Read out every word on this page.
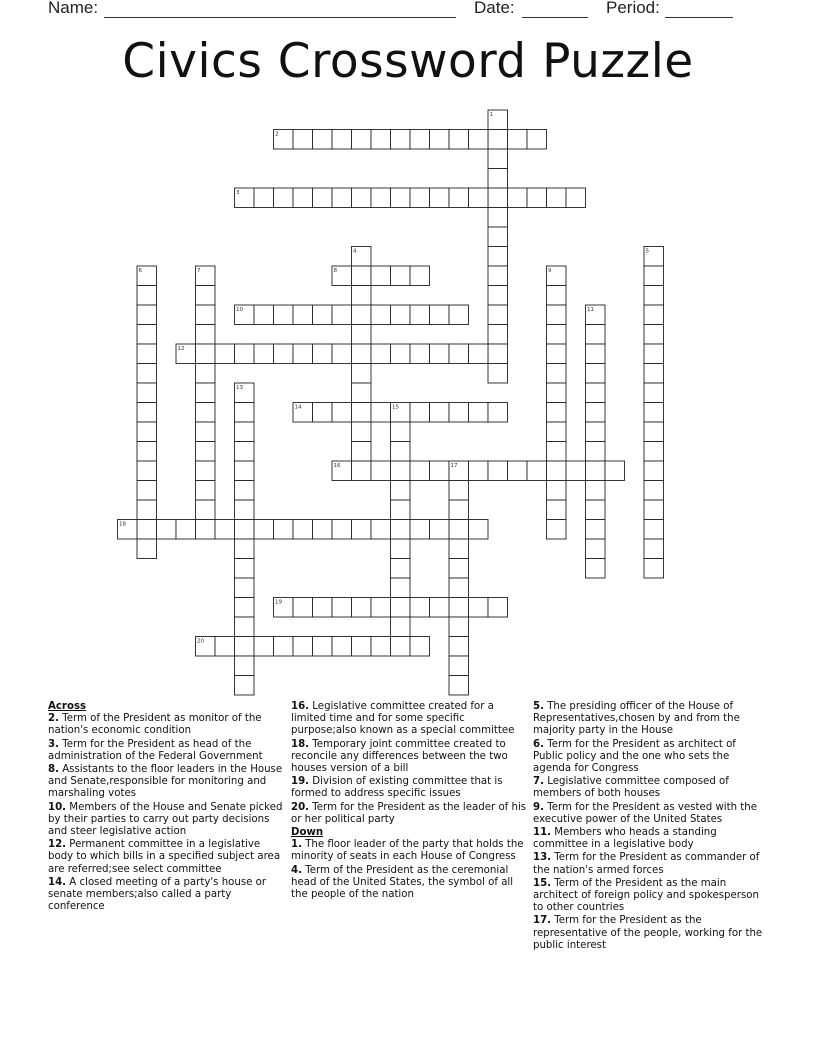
Name:	Date:	Period:
Civics Crossword Puzzle
1
2
3
4	5
6	7	8	9
10	11
12
13
14	15
16	17
18
19
20
Across
2. Term of the President as monitor of the nation's economic condition
3. Term for the President as head of the administration of the Federal Government
8. Assistants to the floor leaders in the House and Senate,responsible for monitoring and marshaling votes
10. Members of the House and Senate picked by their parties to carry out party decisions and steer legislative action
12. Permanent committee in a legislative body to which bills in a specified subject area are referred;see select committee
14. A closed meeting of a party's house or senate members;also called a party conference
16. Legislative committee created for a limited time and for some specific purpose;also known as a special committee
18. Temporary joint committee created to reconcile any differences between the two houses version of a bill
19. Division of existing committee that is formed to address specific issues
20. Term for the President as the leader of his or her political party
Down
1. The floor leader of the party that holds the minority of seats in each House of Congress
4. Term of the President as the ceremonial head of the United States, the symbol of all the people of the nation
5. The presiding officer of the House of Representatives,chosen by and from the majority party in the House
6. Term for the President as architect of Public policy and the one who sets the agenda for Congress
7. Legislative committee composed of members of both houses
9. Term for the President as vested with the executive power of the United States
11. Members who heads a standing committee in a legislative body
13. Term for the President as commander of the nation's armed forces
15. Term of the President as the main architect of foreign policy and spokesperson to other countries
17. Term for the President as the representative of the people, working for the public interest
